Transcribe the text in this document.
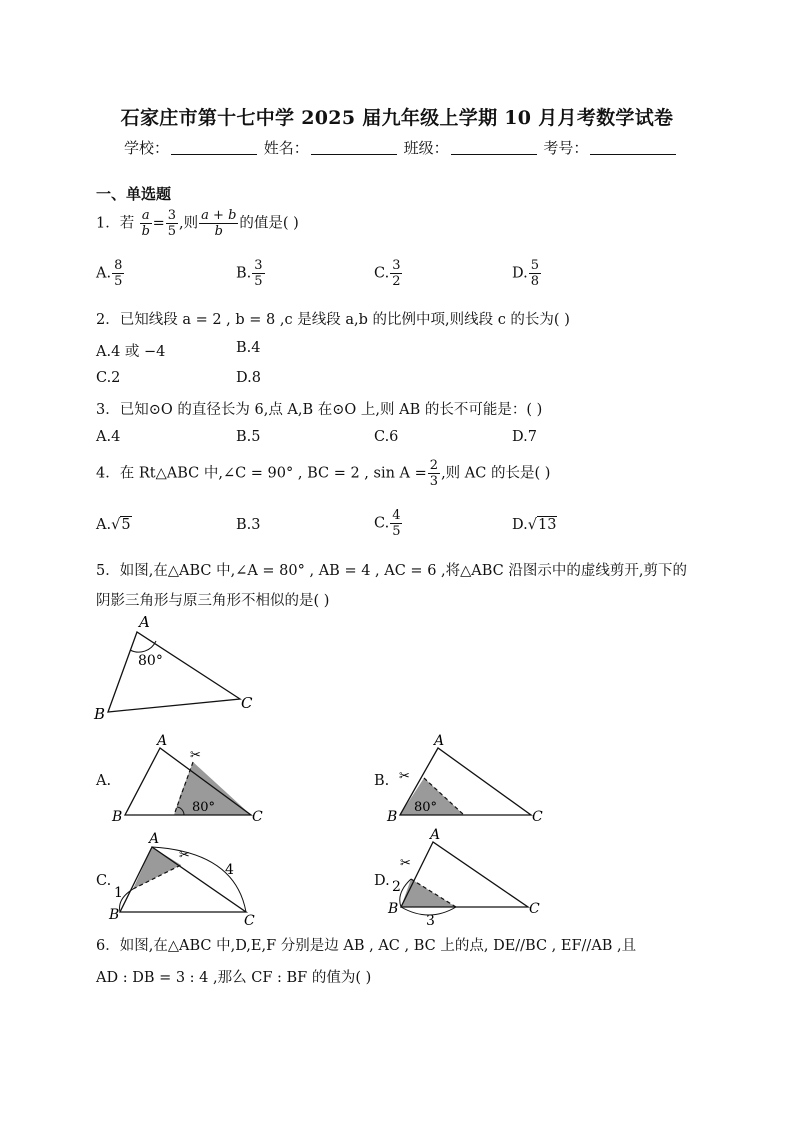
石家庄市第十七中学 2025 届九年级上学期 10 月月考数学试卷
学校：	姓名：	班级：	考号：
一、单选题
1．若 $\frac{a}{b} = \frac{3}{5}$ ,则 $\frac{a + b}{b}$ 的值是( )
A. $\frac{8}{5}$	B. $\frac{3}{5}$	C. $\frac{3}{2}$	D. $\frac{5}{8}$
2．已知线段 a = 2 , b = 8 ,c 是线段 a,b 的比例中项,则线段 c 的长为( )
A.4 或 −4	B.4
C.2	D.8
3．已知⊙O 的直径长为 6,点 A,B 在⊙O 上,则 AB 的长不可能是：( )
A.4	B.5	C.6	D.7
4．在 Rt△ABC 中,∠C = 90° , BC = 2 , $\sin A = \frac{2}{3}$ ,则 AC 的长是( )
A.√5	B.3	C. $\frac{4}{5}$	D.√13
5．如图,在△ABC 中,∠A = 80° , AB = 4 , AC = 6 ,将△ABC 沿图示中的虚线剪开,剪下的
阴影三角形与原三角形不相似的是( )
A
B
C
80°
A.
A
B	C
80°
✂
B.
A
B	C
80°
✂
C.
A
B	C
4
1
✂
D.
A
B	C
2
3
✂
6．如图,在△ABC 中,D,E,F 分别是边 AB , AC , BC 上的点, DE//BC , EF//AB ,且
AD : DB = 3 : 4 ,那么 CF : BF 的值为( )
